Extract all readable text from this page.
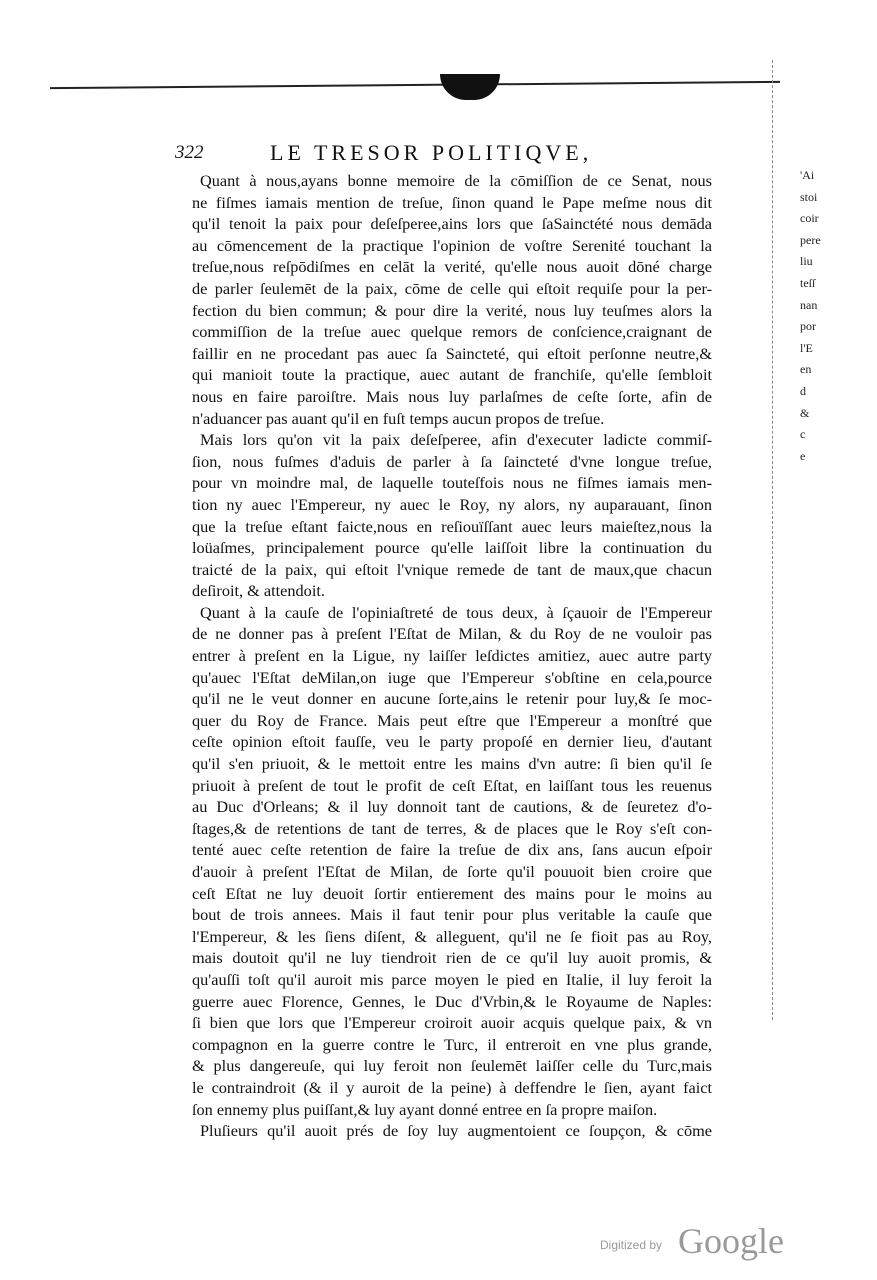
322	LE TRESOR POLITIQVE,
Quant à nous,ayans bonne memoire de la cōmiſſion de ce Senat, nous
ne fiſmes iamais mention de treſue, ſinon quand le Pape meſme nous dit
qu'il tenoit la paix pour deſeſperee,ains lors que ſaSainctété nous demāda
au cōmencement de la practique l'opinion de voſtre Serenité touchant la
treſue,nous reſpōdiſmes en celāt la verité, qu'elle nous auoit dōné charge
de parler ſeulemēt de la paix, cōme de celle qui eſtoit requiſe pour la per-
fection du bien commun; & pour dire la verité, nous luy teuſmes alors la
commiſſion de la treſue auec quelque remors de conſcience,craignant de
faillir en ne procedant pas auec ſa Saincteté, qui eſtoit perſonne neutre,&
qui manioit toute la practique, auec autant de franchiſe, qu'elle ſembloit
nous en faire paroiſtre. Mais nous luy parlaſmes de ceſte ſorte, afin de
n'aduancer pas auant qu'il en fuſt temps aucun propos de treſue.
Mais lors qu'on vit la paix deſeſperee, afin d'executer ladicte commiſ-
ſion, nous fuſmes d'aduis de parler à ſa ſaincteté d'vne longue treſue,
pour vn moindre mal, de laquelle touteſfois nous ne fiſmes iamais men-
tion ny auec l'Empereur, ny auec le Roy, ny alors, ny auparauant, ſinon
que la treſue eſtant faicte,nous en reſiouïſſant auec leurs maieſtez,nous la
loüaſmes, principalement pource qu'elle laiſſoit libre la continuation du
traicté de la paix, qui eſtoit l'vnique remede de tant de maux,que chacun
deſiroit, & attendoit.
Quant à la cauſe de l'opiniaſtreté de tous deux, à ſçauoir de l'Empereur
de ne donner pas à preſent l'Eſtat de Milan, & du Roy de ne vouloir pas
entrer à preſent en la Ligue, ny laiſſer leſdictes amitiez, auec autre party
qu'auec l'Eſtat deMilan,on iuge que l'Empereur s'obſtine en cela,pource
qu'il ne le veut donner en aucune ſorte,ains le retenir pour luy,& ſe moc-
quer du Roy de France. Mais peut eſtre que l'Empereur a monſtré que
ceſte opinion eſtoit fauſſe, veu le party propoſé en dernier lieu, d'autant
qu'il s'en priuoit, & le mettoit entre les mains d'vn autre: ſi bien qu'il ſe
priuoit à preſent de tout le profit de ceſt Eſtat, en laiſſant tous les reuenus
au Duc d'Orleans; & il luy donnoit tant de cautions, & de ſeuretez d'o-
ſtages,& de retentions de tant de terres, & de places que le Roy s'eſt con-
tenté auec ceſte retention de faire la treſue de dix ans, ſans aucun eſpoir
d'auoir à preſent l'Eſtat de Milan, de ſorte qu'il pouuoit bien croire que
ceſt Eſtat ne luy deuoit ſortir entierement des mains pour le moins au
bout de trois annees. Mais il faut tenir pour plus veritable la cauſe que
l'Empereur, & les ſiens diſent, & alleguent, qu'il ne ſe fioit pas au Roy,
mais doutoit qu'il ne luy tiendroit rien de ce qu'il luy auoit promis, &
qu'auſſi toſt qu'il auroit mis parce moyen le pied en Italie, il luy feroit la
guerre auec Florence, Gennes, le Duc d'Vrbin,& le Royaume de Naples:
ſi bien que lors que l'Empereur croiroit auoir acquis quelque paix, & vn
compagnon en la guerre contre le Turc, il entreroit en vne plus grande,
& plus dangereuſe, qui luy feroit non ſeulemēt laiſſer celle du Turc,mais
le contraindroit (& il y auroit de la peine) à deffendre le ſien, ayant faict
ſon ennemy plus puiſſant,& luy ayant donné entree en ſa propre maiſon.
Pluſieurs qu'il auoit prés de ſoy luy augmentoient ce ſoupçon, & cōme
'Ai
stoi
coir
pere
liu
teſſ
nan
por
l'E
en
d
&
c
e
Digitized by Google
